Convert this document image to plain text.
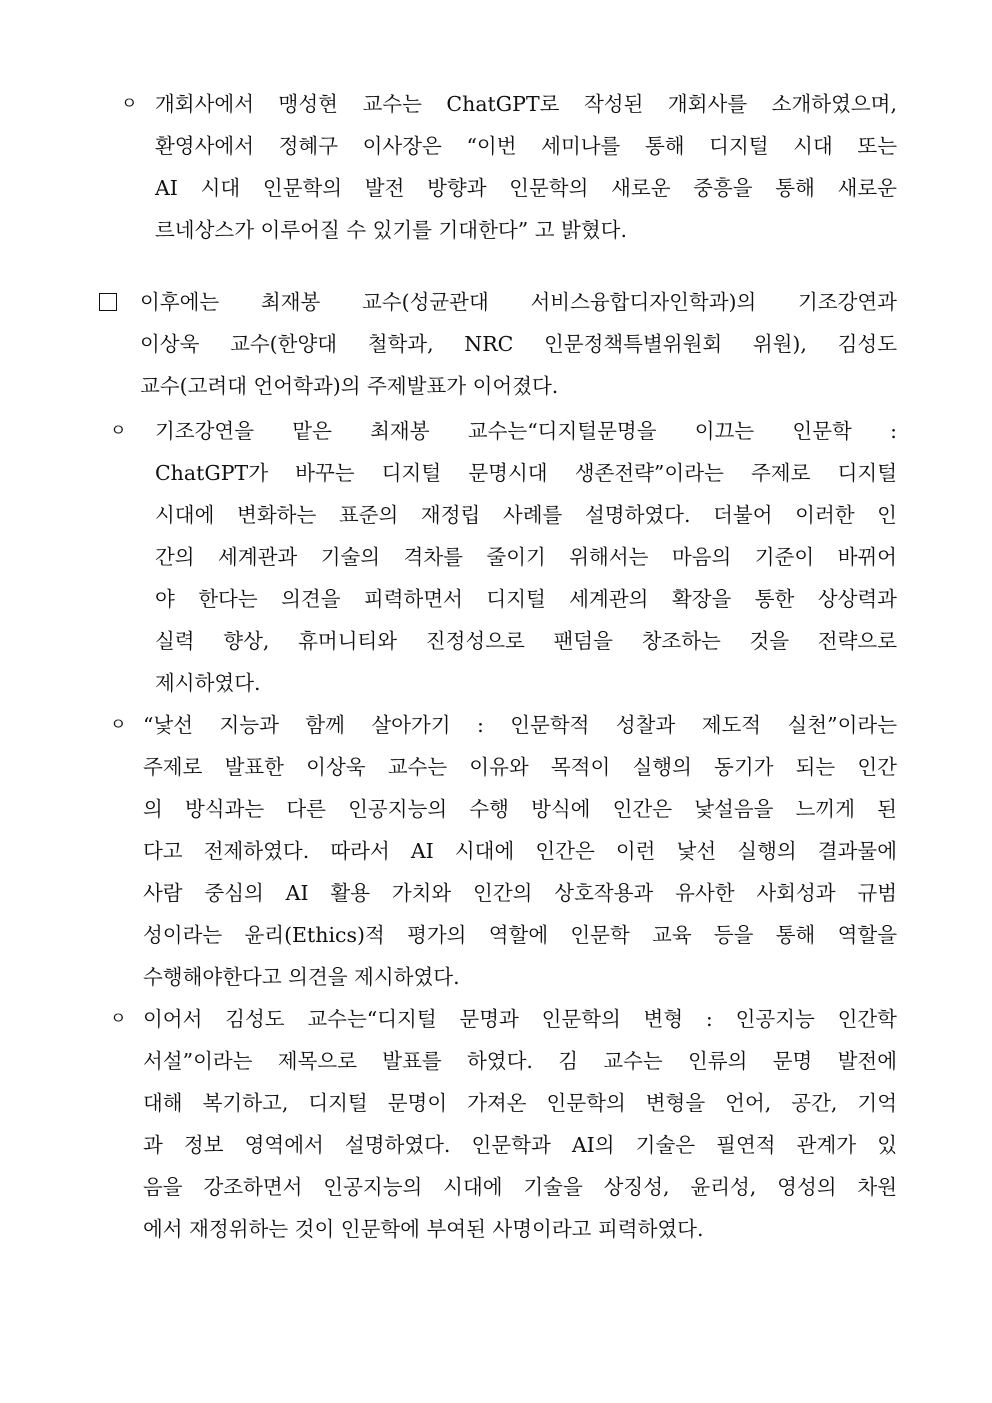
ㅇ 개회사에서 맹성현 교수는 ChatGPT로 작성된 개회사를 소개하였으며,
환영사에서 정혜구 이사장은 “이번 세미나를 통해 디지털 시대 또는
AI 시대 인문학의 발전 방향과 인문학의 새로운 중흥을 통해 새로운
르네상스가 이루어질 수 있기를 기대한다” 고 밝혔다.
이후에는 최재봉 교수(성균관대 서비스융합디자인학과)의 기조강연과
이상욱 교수(한양대 철학과, NRC 인문정책특별위원회 위원), 김성도
교수(고려대 언어학과)의 주제발표가 이어졌다.
ㅇ 기조강연을 맡은 최재봉 교수는“디지털문명을 이끄는 인문학 :
ChatGPT가 바꾸는 디지털 문명시대 생존전략”이라는 주제로 디지털
시대에 변화하는 표준의 재정립 사례를 설명하였다. 더불어 이러한 인
간의 세계관과 기술의 격차를 줄이기 위해서는 마음의 기준이 바뀌어
야 한다는 의견을 피력하면서 디지털 세계관의 확장을 통한 상상력과
실력 향상, 휴머니티와 진정성으로 팬덤을 창조하는 것을 전략으로
제시하였다.
ㅇ “낯선 지능과 함께 살아가기 : 인문학적 성찰과 제도적 실천”이라는
주제로 발표한 이상욱 교수는 이유와 목적이 실행의 동기가 되는 인간
의 방식과는 다른 인공지능의 수행 방식에 인간은 낯설음을 느끼게 된
다고 전제하였다. 따라서 AI 시대에 인간은 이런 낯선 실행의 결과물에
사람 중심의 AI 활용 가치와 인간의 상호작용과 유사한 사회성과 규범
성이라는 윤리(Ethics)적 평가의 역할에 인문학 교육 등을 통해 역할을
수행해야한다고 의견을 제시하였다.
ㅇ 이어서 김성도 교수는“디지털 문명과 인문학의 변형 : 인공지능 인간학
서설”이라는 제목으로 발표를 하였다. 김 교수는 인류의 문명 발전에
대해 복기하고, 디지털 문명이 가져온 인문학의 변형을 언어, 공간, 기억
과 정보 영역에서 설명하였다. 인문학과 AI의 기술은 필연적 관계가 있
음을 강조하면서 인공지능의 시대에 기술을 상징성, 윤리성, 영성의 차원
에서 재정위하는 것이 인문학에 부여된 사명이라고 피력하였다.
